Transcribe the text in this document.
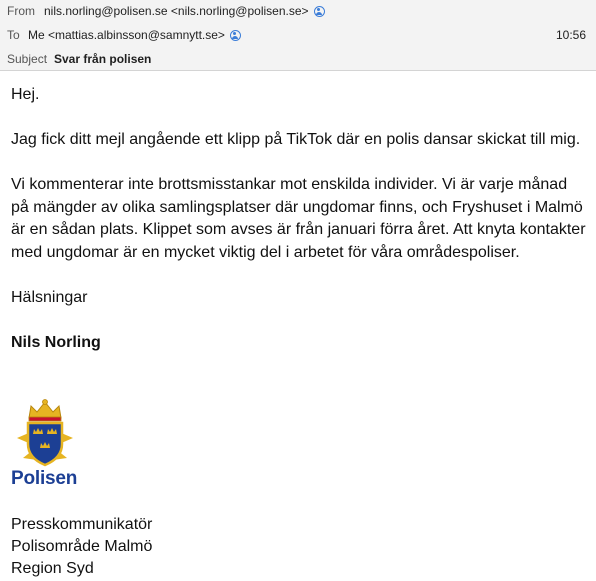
From nils.norling@polisen.se <nils.norling@polisen.se>
To Me <mattias.albinsson@samnytt.se>	10:56
Subject Svar från polisen

Hej.

Jag fick ditt mejl angående ett klipp på TikTok där en polis dansar skickat till mig.

Vi kommenterar inte brottsmisstankar mot enskilda individer. Vi är varje månad på mängder av olika samlingsplatser där ungdomar finns, och Fryshuset i Malmö är en sådan plats. Klippet som avses är från januari förra året. Att knyta kontakter med ungdomar är en mycket viktig del i arbetet för våra områdespoliser.

Hälsningar

Nils Norling

Polisen
Presskommunikatör
Polisområde Malmö
Region Syd
